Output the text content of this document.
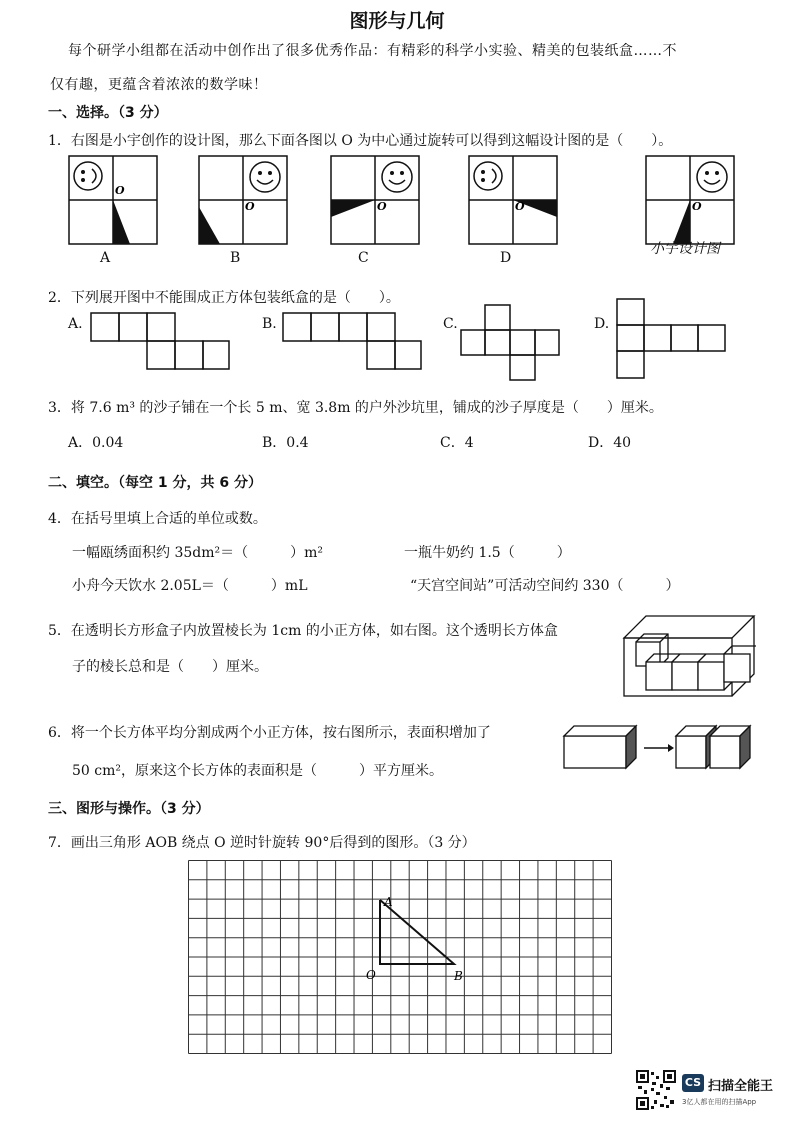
图形与几何
每个研学小组都在活动中创作出了很多优秀作品：有精彩的科学小实验、精美的包装纸盒……不
仅有趣，更蕴含着浓浓的数学味！
一、选择。（3 分）
1．右图是小宇创作的设计图，那么下面各图以 O 为中心通过旋转可以得到这幅设计图的是（　　）。
O
O	O	O	O
A	B	C	D
小宇设计图
2．下列展开图中不能围成正方体包装纸盒的是（　　）。
A.	B.	C.	D.
3．将 7.6 m³ 的沙子铺在一个长 5 m、宽 3.8m 的户外沙坑里，铺成的沙子厚度是（　　）厘米。
A．0.04	B．0.4	C．4	D．40
二、填空。（每空 1 分，共 6 分）
4．在括号里填上合适的单位或数。
一幅瓯绣面积约 35dm²＝（　　　）m²	一瓶牛奶约 1.5（　　　）
小舟今天饮水 2.05L＝（　　　）mL	“天宫空间站”可活动空间约 330（　　　）
5．在透明长方形盒子内放置棱长为 1cm 的小正方体，如右图。这个透明长方体盒
子的棱长总和是（　　）厘米。
6．将一个长方体平均分割成两个小正方体，按右图所示，表面积增加了
50 cm²，原来这个长方体的表面积是（　　　）平方厘米。
三、图形与操作。（3 分）
7．画出三角形 AOB 绕点 O 逆时针旋转 90°后得到的图形。（3 分）
A
O	B
CS 扫描全能王
3亿人都在用的扫描App
